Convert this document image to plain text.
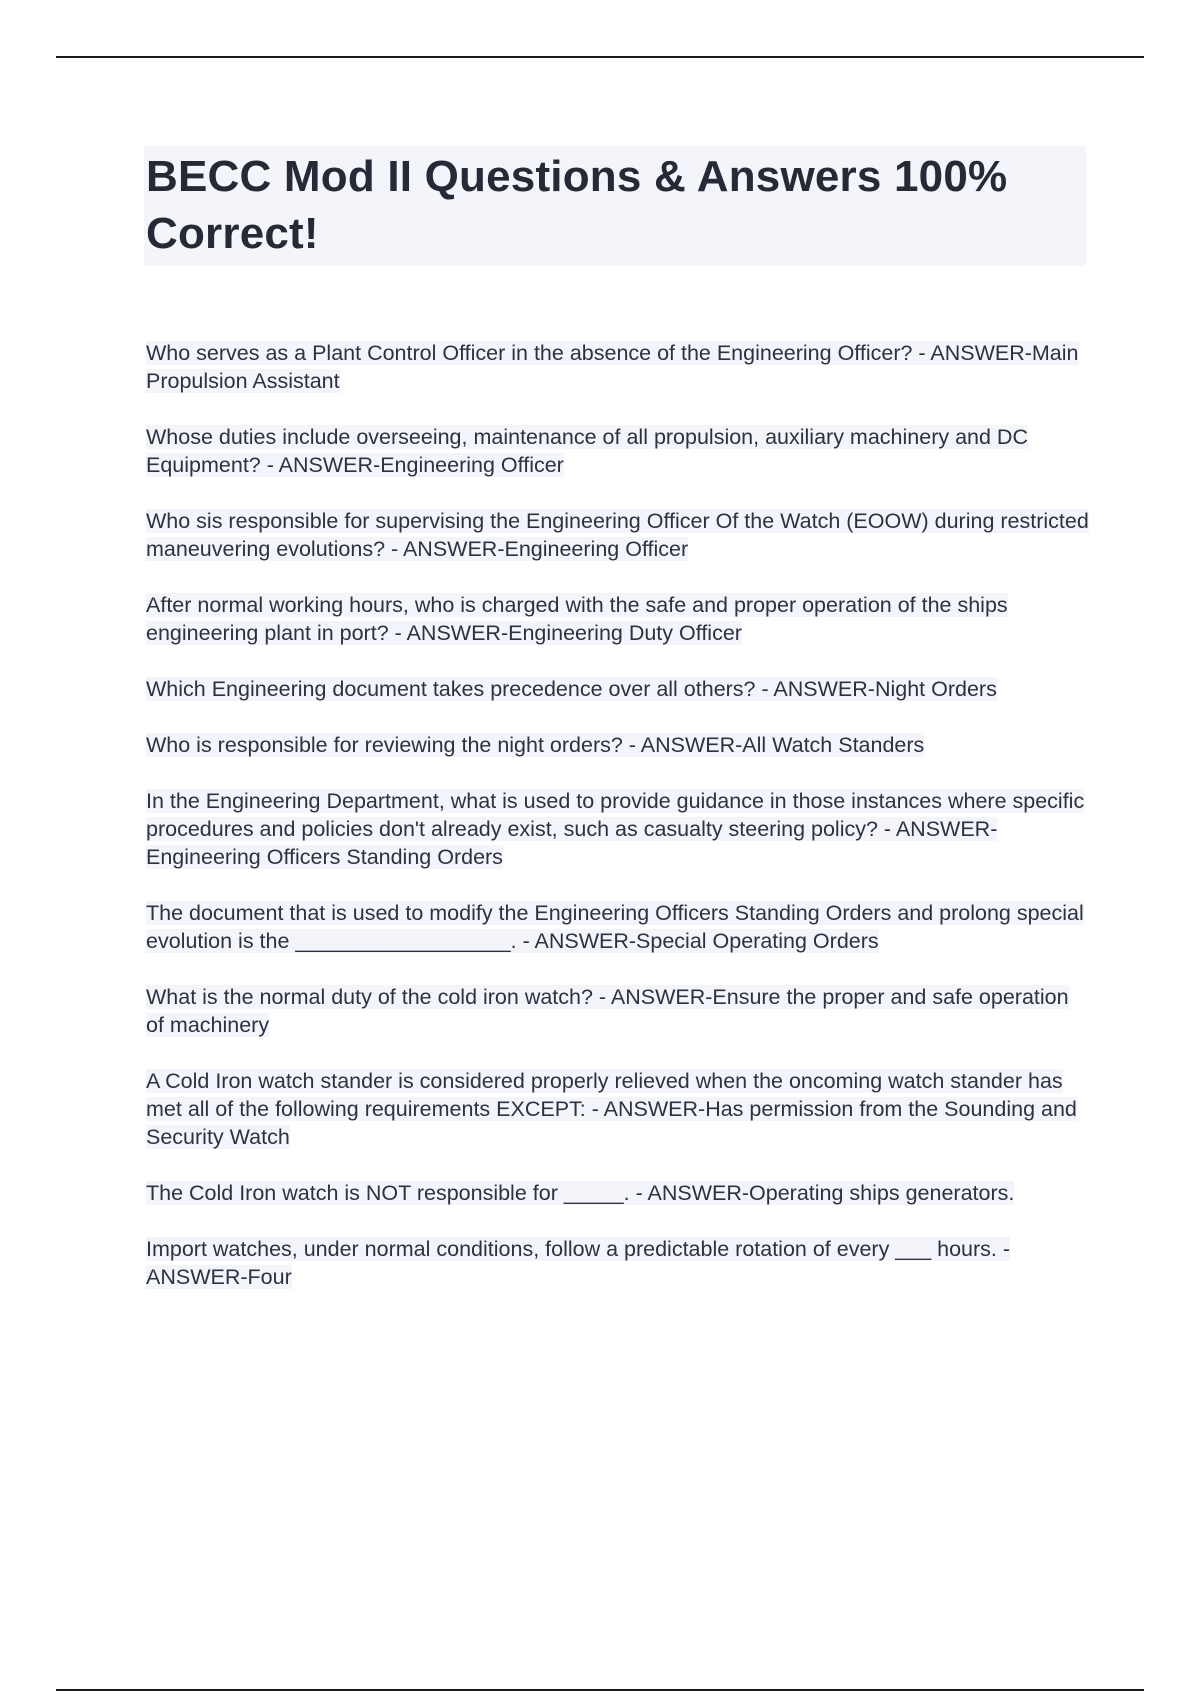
BECC Mod II Questions & Answers 100% Correct!

Who serves as a Plant Control Officer in the absence of the Engineering Officer? - ANSWER-Main Propulsion Assistant

Whose duties include overseeing, maintenance of all propulsion, auxiliary machinery and DC Equipment? - ANSWER-Engineering Officer

Who sis responsible for supervising the Engineering Officer Of the Watch (EOOW) during restricted maneuvering evolutions? - ANSWER-Engineering Officer

After normal working hours, who is charged with the safe and proper operation of the ships engineering plant in port? - ANSWER-Engineering Duty Officer

Which Engineering document takes precedence over all others? - ANSWER-Night Orders

Who is responsible for reviewing the night orders? - ANSWER-All Watch Standers

In the Engineering Department, what is used to provide guidance in those instances where specific procedures and policies don't already exist, such as casualty steering policy? - ANSWER-Engineering Officers Standing Orders

The document that is used to modify the Engineering Officers Standing Orders and prolong special evolution is the __________________. - ANSWER-Special Operating Orders

What is the normal duty of the cold iron watch? - ANSWER-Ensure the proper and safe operation of machinery

A Cold Iron watch stander is considered properly relieved when the oncoming watch stander has met all of the following requirements EXCEPT: - ANSWER-Has permission from the Sounding and Security Watch

The Cold Iron watch is NOT responsible for _____. - ANSWER-Operating ships generators.

Import watches, under normal conditions, follow a predictable rotation of every ___ hours. - ANSWER-Four
